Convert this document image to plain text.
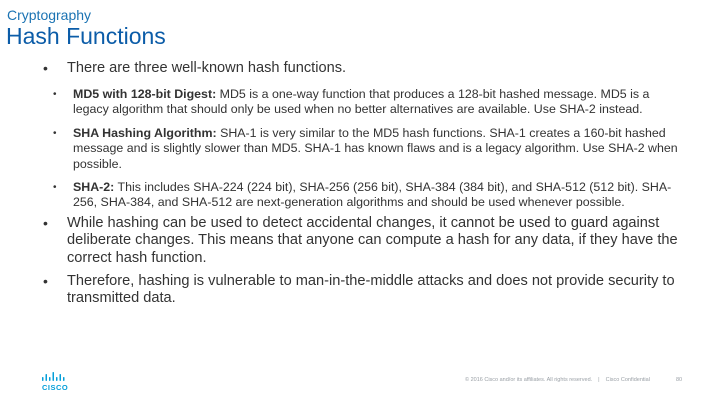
Cryptography
Hash Functions
• There are three well-known hash functions.
• MD5 with 128-bit Digest: MD5 is a one-way function that produces a 128-bit hashed message. MD5 is a legacy algorithm that should only be used when no better alternatives are available. Use SHA-2 instead.
• SHA Hashing Algorithm: SHA-1 is very similar to the MD5 hash functions. SHA-1 creates a 160-bit hashed message and is slightly slower than MD5. SHA-1 has known flaws and is a legacy algorithm. Use SHA-2 when possible.
• SHA-2: This includes SHA-224 (224 bit), SHA-256 (256 bit), SHA-384 (384 bit), and SHA-512 (512 bit). SHA-256, SHA-384, and SHA-512 are next-generation algorithms and should be used whenever possible.
• While hashing can be used to detect accidental changes, it cannot be used to guard against deliberate changes. This means that anyone can compute a hash for any data, if they have the correct hash function.
• Therefore, hashing is vulnerable to man-in-the-middle attacks and does not provide security to transmitted data.
CISCO
© 2016 Cisco and/or its affiliates. All rights reserved. | Cisco Confidential	80
